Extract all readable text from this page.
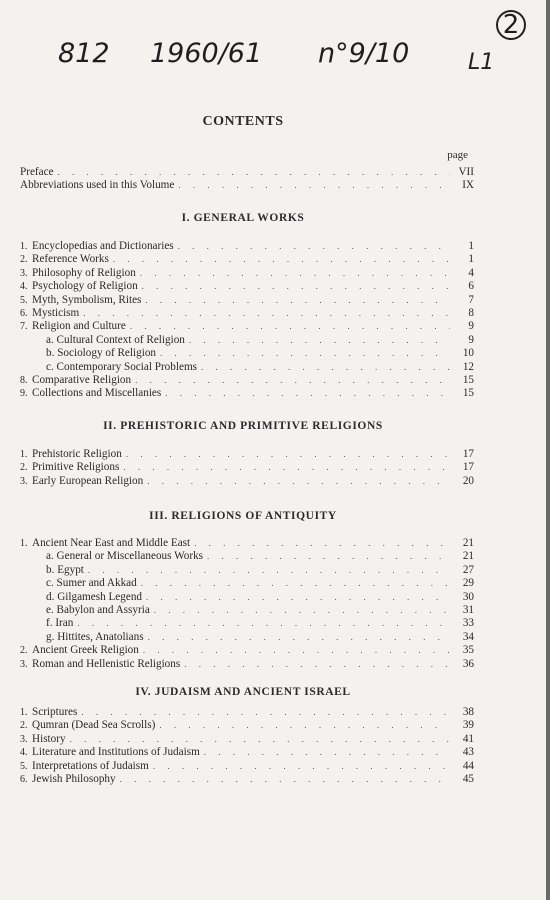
812 1960/61 n°9/10	L1
2
CONTENTS
page
Preface . . .	VII
Abbreviations used in this Volume . . .	IX
I. GENERAL WORKS
1. Encyclopedias and Dictionaries . . .	1
2. Reference Works . . .	1
3. Philosophy of Religion . . .	4
4. Psychology of Religion . . .	6
5. Myth, Symbolism, Rites . . .	7
6. Mysticism . . .	8
7. Religion and Culture . . .	9
a. Cultural Context of Religion . . .	9
b. Sociology of Religion . . .	10
c. Contemporary Social Problems . . .	12
8. Comparative Religion . . .	15
9. Collections and Miscellanies . . .	15
II. PREHISTORIC AND PRIMITIVE RELIGIONS
1. Prehistoric Religion . . .	17
2. Primitive Religions . . .	17
3. Early European Religion . . .	20
III. RELIGIONS OF ANTIQUITY
1. Ancient Near East and Middle East . . .	21
a. General or Miscellaneous Works . . .	21
b. Egypt . . .	27
c. Sumer and Akkad . . .	29
d. Gilgamesh Legend . . .	30
e. Babylon and Assyria . . .	31
f. Iran . . .	33
g. Hittites, Anatolians . . .	34
2. Ancient Greek Religion . . .	35
3. Roman and Hellenistic Religions . . .	36
IV. JUDAISM AND ANCIENT ISRAEL
1. Scriptures . . .	38
2. Qumran (Dead Sea Scrolls) . . .	39
3. History . . .	41
4. Literature and Institutions of Judaism . . .	43
5. Interpretations of Judaism . . .	44
6. Jewish Philosophy . . .	45
